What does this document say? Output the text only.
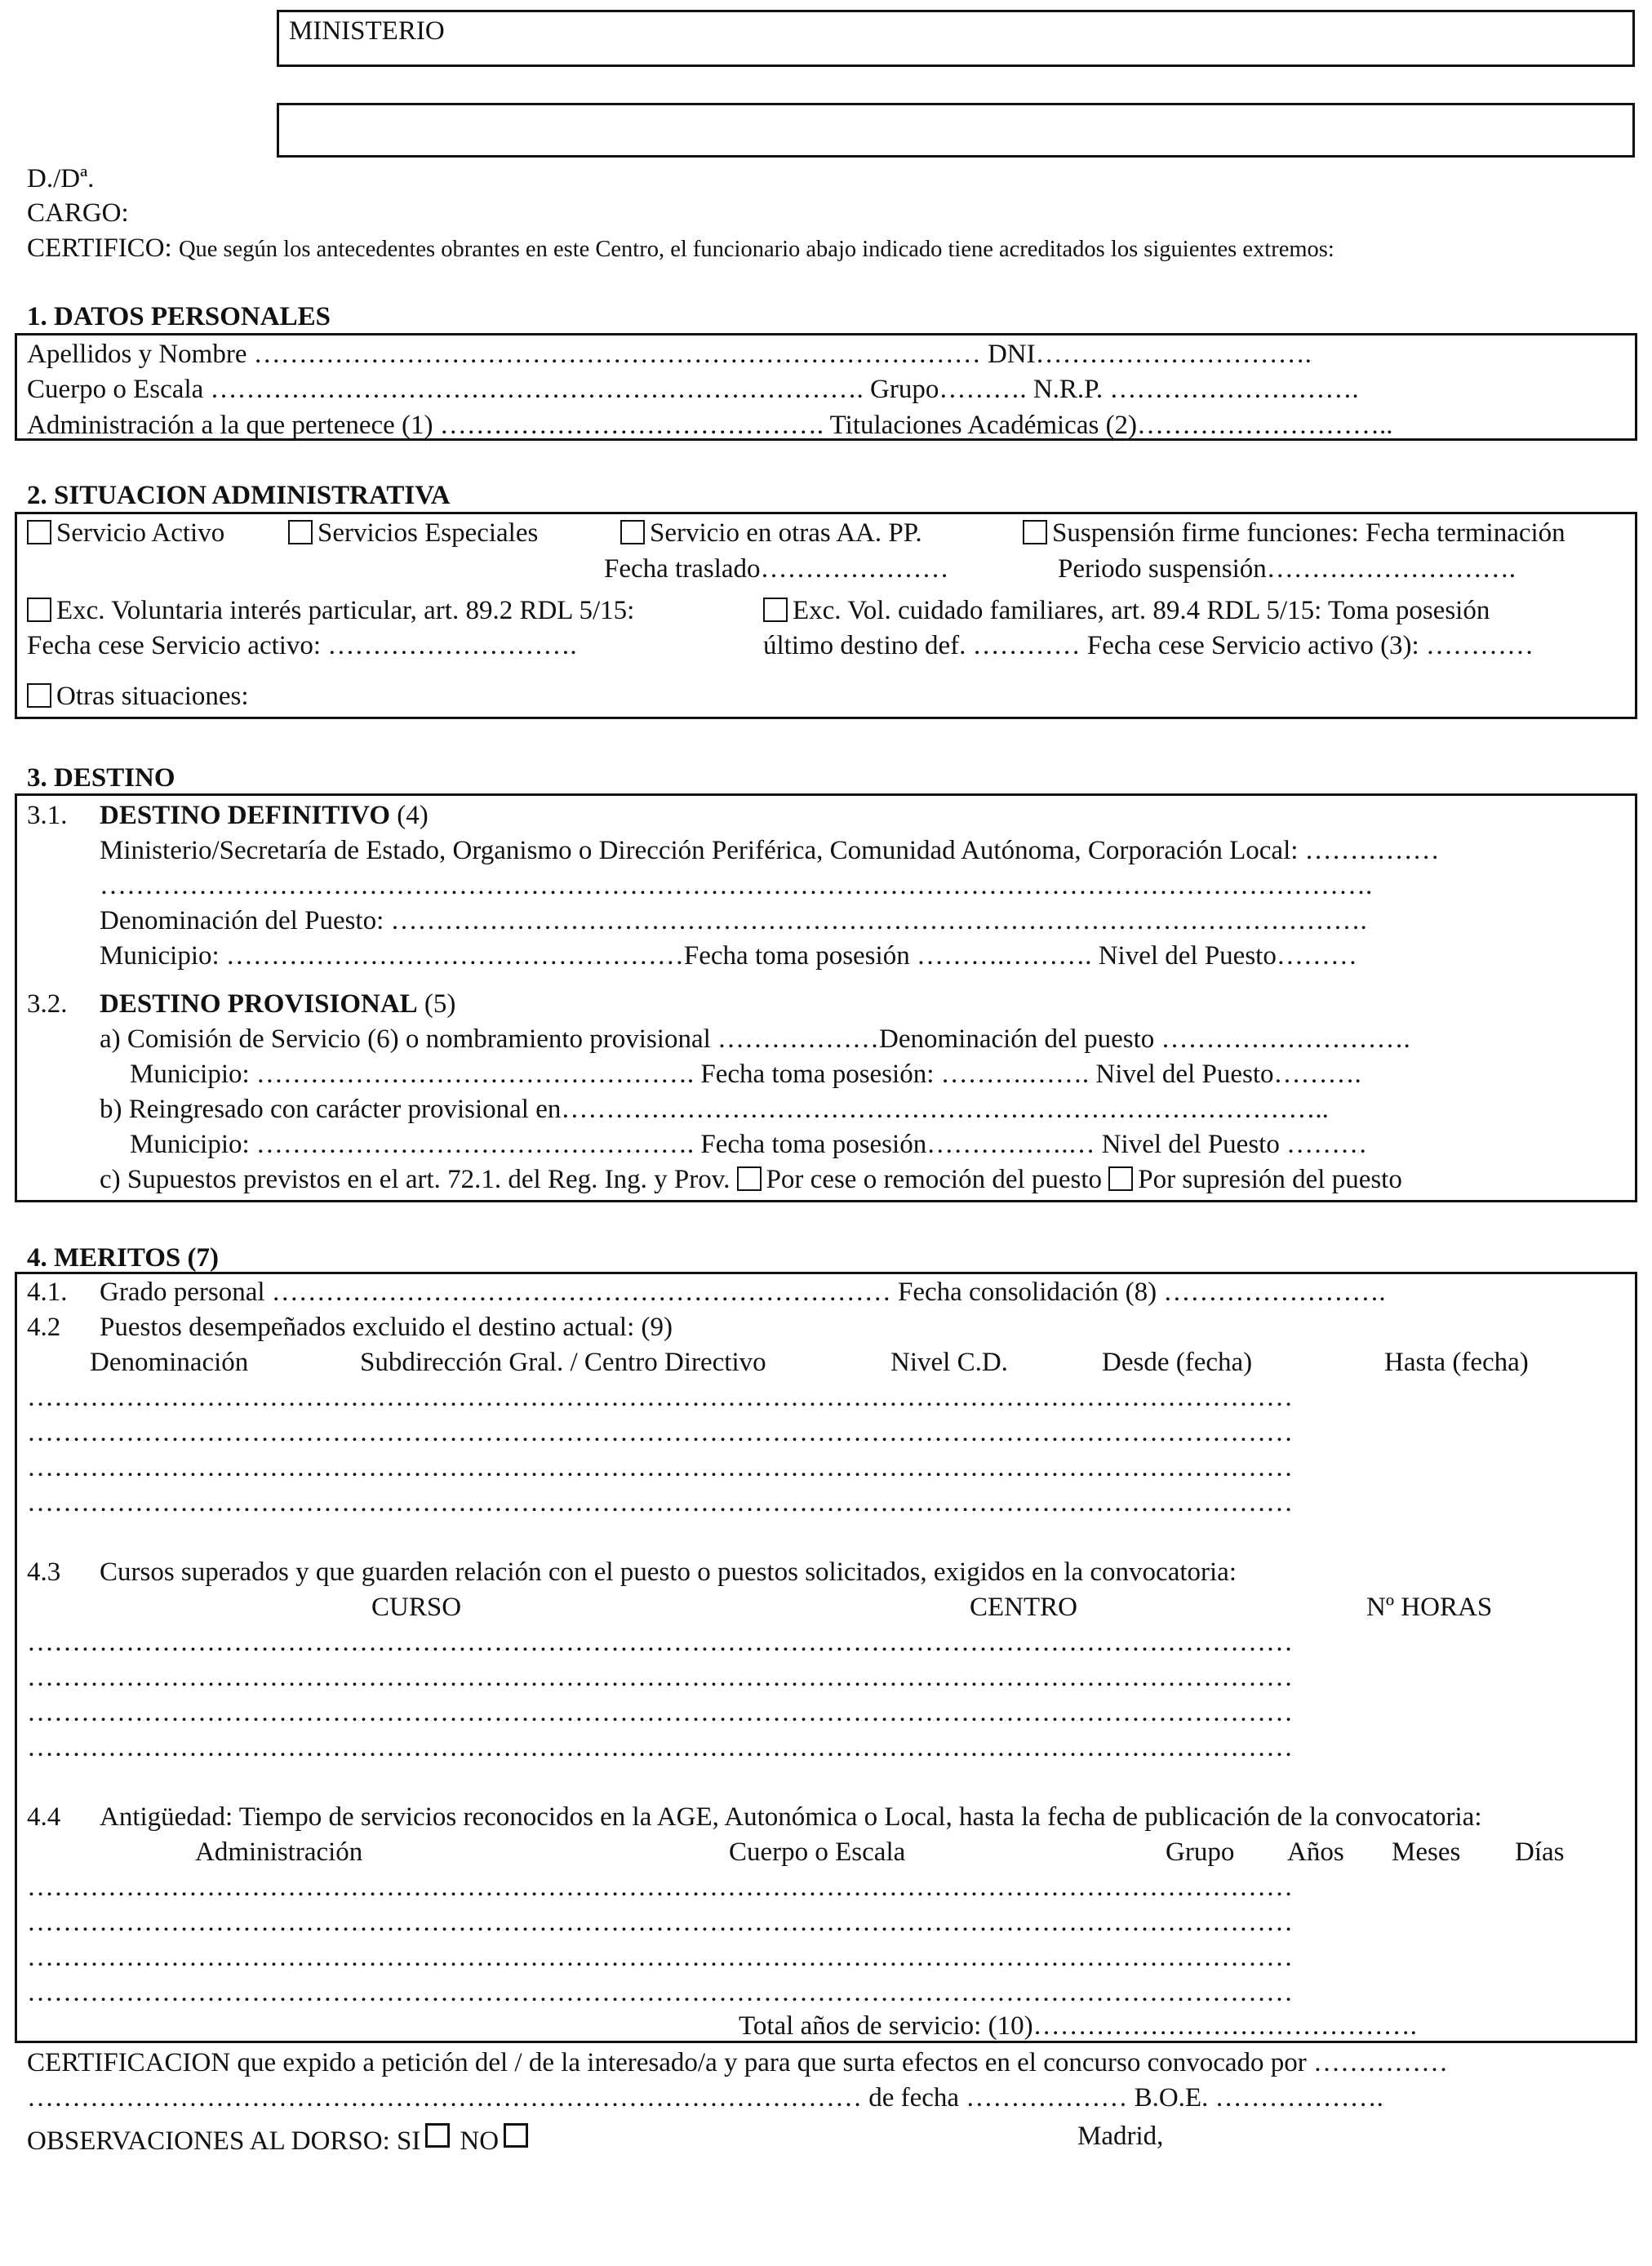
MINISTERIO
D./Dª.
CARGO:
CERTIFICO: Que según los antecedentes obrantes en este Centro, el funcionario abajo indicado tiene acreditados los siguientes extremos:
1. DATOS PERSONALES
Apellidos y Nombre ……………………………………………………………………… DNI………………………….
Cuerpo o Escala ………………………………………………………………. Grupo………. N.R.P. ……………………….
Administración a la que pertenece (1) ……………………………………. Titulaciones Académicas (2)………………………..
2. SITUACION ADMINISTRATIVA
Servicio Activo	Servicios Especiales	Servicio en otras AA. PP.
Fecha traslado…………………
Suspensión firme funciones: Fecha terminación
Periodo suspensión……………………….
Exc. Voluntaria interés particular, art. 89.2 RDL 5/15:
Fecha cese Servicio activo: ……………………….
Exc. Vol. cuidado familiares, art. 89.4 RDL 5/15: Toma posesión
último destino def. ………… Fecha cese Servicio activo (3): …………
Otras situaciones:
3. DESTINO
3.1. DESTINO DEFINITIVO (4)
Ministerio/Secretaría de Estado, Organismo o Dirección Periférica, Comunidad Autónoma, Corporación Local: ……………
…………………………………………………………………………………………………………………………….
Denominación del Puesto: ……………………………………………………………………………………………….
Municipio: ……………………………………………Fecha toma posesión ……….………. Nivel del Puesto………
3.2. DESTINO PROVISIONAL (5)
a) Comisión de Servicio (6) o nombramiento provisional ………………Denominación del puesto ……………………….
Municipio: …………………………………………. Fecha toma posesión: ……….……. Nivel del Puesto……….
b) Reingresado con carácter provisional en…………………………………………………………………………..
Municipio: …………………………………………. Fecha toma posesión…………….… Nivel del Puesto ………
c) Supuestos previstos en el art. 72.1. del Reg. Ing. y Prov. Por cese o remoción del puesto Por supresión del puesto
4. MERITOS (7)
4.1. Grado personal …………………………………………………………… Fecha consolidación (8) …………………….
4.2 Puestos desempeñados excluido el destino actual: (9)
Denominación	Subdirección Gral. / Centro Directivo	Nivel C.D.	Desde (fecha)	Hasta (fecha)
……………………………………………………………………………………………………………………………
……………………………………………………………………………………………………………………………
……………………………………………………………………………………………………………………………
……………………………………………………………………………………………………………………………
4.3 Cursos superados y que guarden relación con el puesto o puestos solicitados, exigidos en la convocatoria:
CURSO	CENTRO	Nº HORAS
……………………………………………………………………………………………………………………………
……………………………………………………………………………………………………………………………
……………………………………………………………………………………………………………………………
……………………………………………………………………………………………………………………………
4.4 Antigüedad: Tiempo de servicios reconocidos en la AGE, Autonómica o Local, hasta la fecha de publicación de la convocatoria:
Administración	Cuerpo o Escala	Grupo Años Meses Días
……………………………………………………………………………………………………………………………
……………………………………………………………………………………………………………………………
……………………………………………………………………………………………………………………………
……………………………………………………………………………………………………………………………
Total años de servicio: (10)…………………………………….
CERTIFICACION que expido a petición del / de la interesado/a y para que surta efectos en el concurso convocado por ……………
………………………………………………………………………………… de fecha ……………… B.O.E. ……………….
OBSERVACIONES AL DORSO: SI NO	Madrid,
